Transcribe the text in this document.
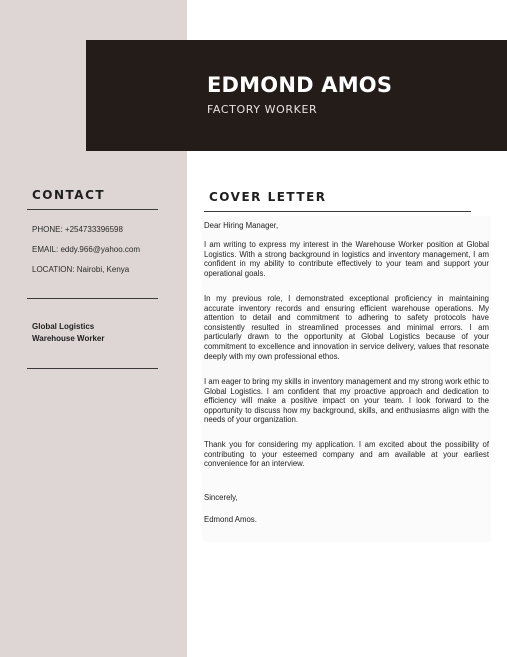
EDMOND AMOS
FACTORY WORKER
CONTACT
PHONE: +254733396598
EMAIL: eddy.966@yahoo.com
LOCATION: Nairobi, Kenya
Global Logistics
Warehouse Worker
COVER LETTER

Dear Hiring Manager,

I am writing to express my interest in the Warehouse Worker position at Global Logistics. With a strong background in logistics and inventory management, I am confident in my ability to contribute effectively to your team and support your operational goals.

In my previous role, I demonstrated exceptional proficiency in maintaining accurate inventory records and ensuring efficient warehouse operations. My attention to detail and commitment to adhering to safety protocols have consistently resulted in streamlined processes and minimal errors. I am particularly drawn to the opportunity at Global Logistics because of your commitment to excellence and innovation in service delivery, values that resonate deeply with my own professional ethos.

I am eager to bring my skills in inventory management and my strong work ethic to Global Logistics. I am confident that my proactive approach and dedication to efficiency will make a positive impact on your team. I look forward to the opportunity to discuss how my background, skills, and enthusiasms align with the needs of your organization.

Thank you for considering my application. I am excited about the possibility of contributing to your esteemed company and am available at your earliest convenience for an interview.

Sincerely,

Edmond Amos.
